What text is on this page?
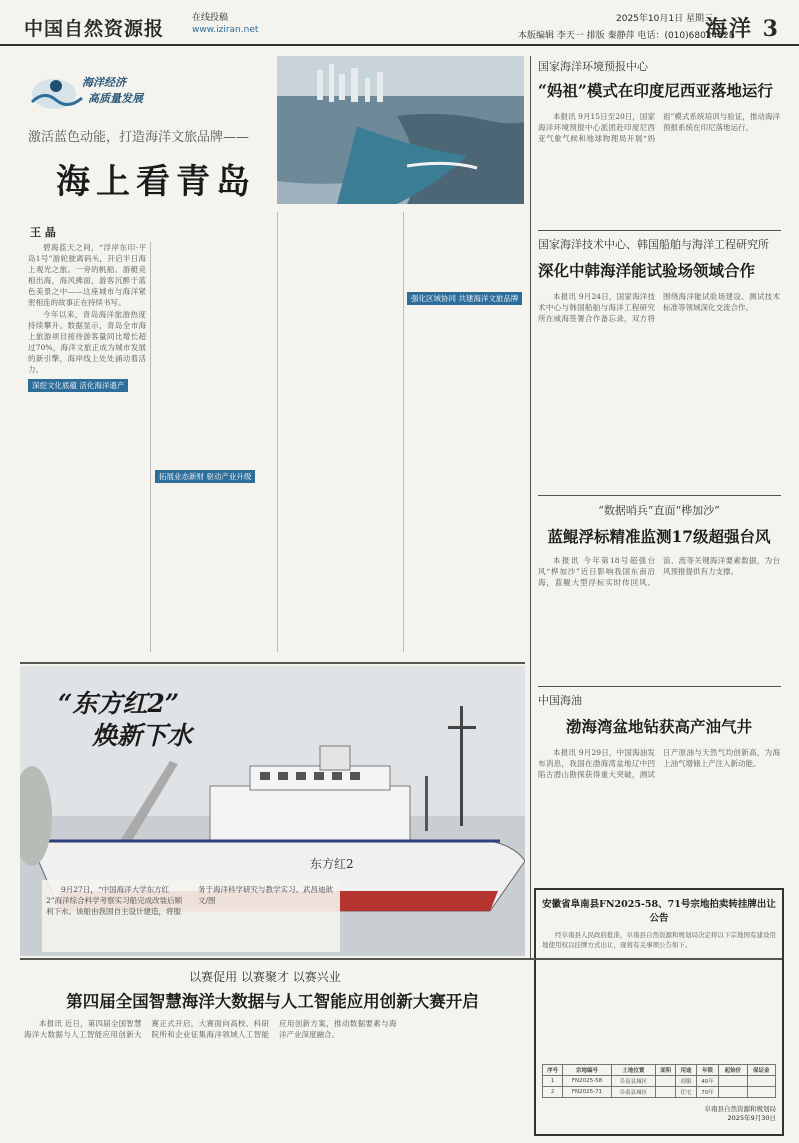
中国自然资源报	在线投稿
www.iziran.net
2025年10月1日 星期三
本版编辑 李天一 排版 秦静萍 电话：(010)68024628
海洋 3
海洋经济
高质量发展
激活蓝色动能，打造海洋文旅品牌——
海上看青岛
王 晶

碧海蓝天之间，“浮岸东印·平岛1号”游轮驶离码头，开启半日海上观光之旅。一旁的帆船、游艇竞相出海，海风拂面，游客沉醉于蓝色美景之中——这座城市与海洋紧密相连的故事正在持续书写。

今年以来，青岛海洋旅游热度持续攀升。数据显示，青岛全市海上旅游项目接待游客量同比增长超过70%，海洋文旅正成为城市发展的新引擎，海岸线上处处涌动着活力。

深挖文化底蕴 活化海洋遗产
拓展业态新财 驱动产业升级
强化区域协同 共建海洋文旅品牌
国家海洋环境预报中心
“妈祖”模式在印度尼西亚落地运行
本报讯 9月15日至20日，国家海洋环境预报中心派团赴印度尼西亚气象气候和地球物理局开展“妈祖”模式系统培训与验证，推动海洋预报系统在印尼落地运行。
国家海洋技术中心、韩国船舶与海洋工程研究所
深化中韩海洋能试验场领域合作
本报讯 9月24日，国家海洋技术中心与韩国船舶与海洋工程研究所在威海签署合作备忘录，双方将围绕海洋能试验场建设、测试技术标准等领域深化交流合作。
“数据哨兵”直面“桦加沙”
蓝鲲浮标精准监测17级超强台风
本报讯 今年第18号超强台风“桦加沙”近日影响我国东南沿海，蓝鲲大型浮标实时传回风、浪、流等关键海洋要素数据，为台风预报提供有力支撑。
中国海油
渤海湾盆地钻获高产油气井
本报讯 9月29日，中国海油发布消息，我国在渤海湾盆地辽中凹陷古潜山勘探获得重大突破，测试日产原油与天然气均创新高，为海上油气增储上产注入新动能。
安徽省阜南县FN2025-58、71号宗地拍卖转挂牌出让公告
经阜南县人民政府批准，阜南县自然资源和规划局决定将以下宗地国有建设用地使用权以挂牌方式出让，现将有关事项公告如下。
序号	宗地编号	土地位置	面积	用途	年限	起始价	保证金
1	FN2025-58	阜南县城区		商服	40年		
2	FN2025-71	阜南县城区		住宅	70年		
阜南县自然资源和规划局
2025年9月30日
东方红2
“东方红2”
焕新下水
9月27日，“中国海洋大学东方红2”海洋综合科学考察实习船完成改装后顺利下水。该船由我国自主设计建造，将服务于海洋科学研究与教学实习。武昌迪歆 文/图
以赛促用 以赛聚才 以赛兴业
第四届全国智慧海洋大数据与人工智能应用创新大赛开启
本报讯 近日，第四届全国智慧海洋大数据与人工智能应用创新大赛正式开启，大赛面向高校、科研院所和企业征集海洋领域人工智能应用创新方案，推动数据要素与海洋产业深度融合。
